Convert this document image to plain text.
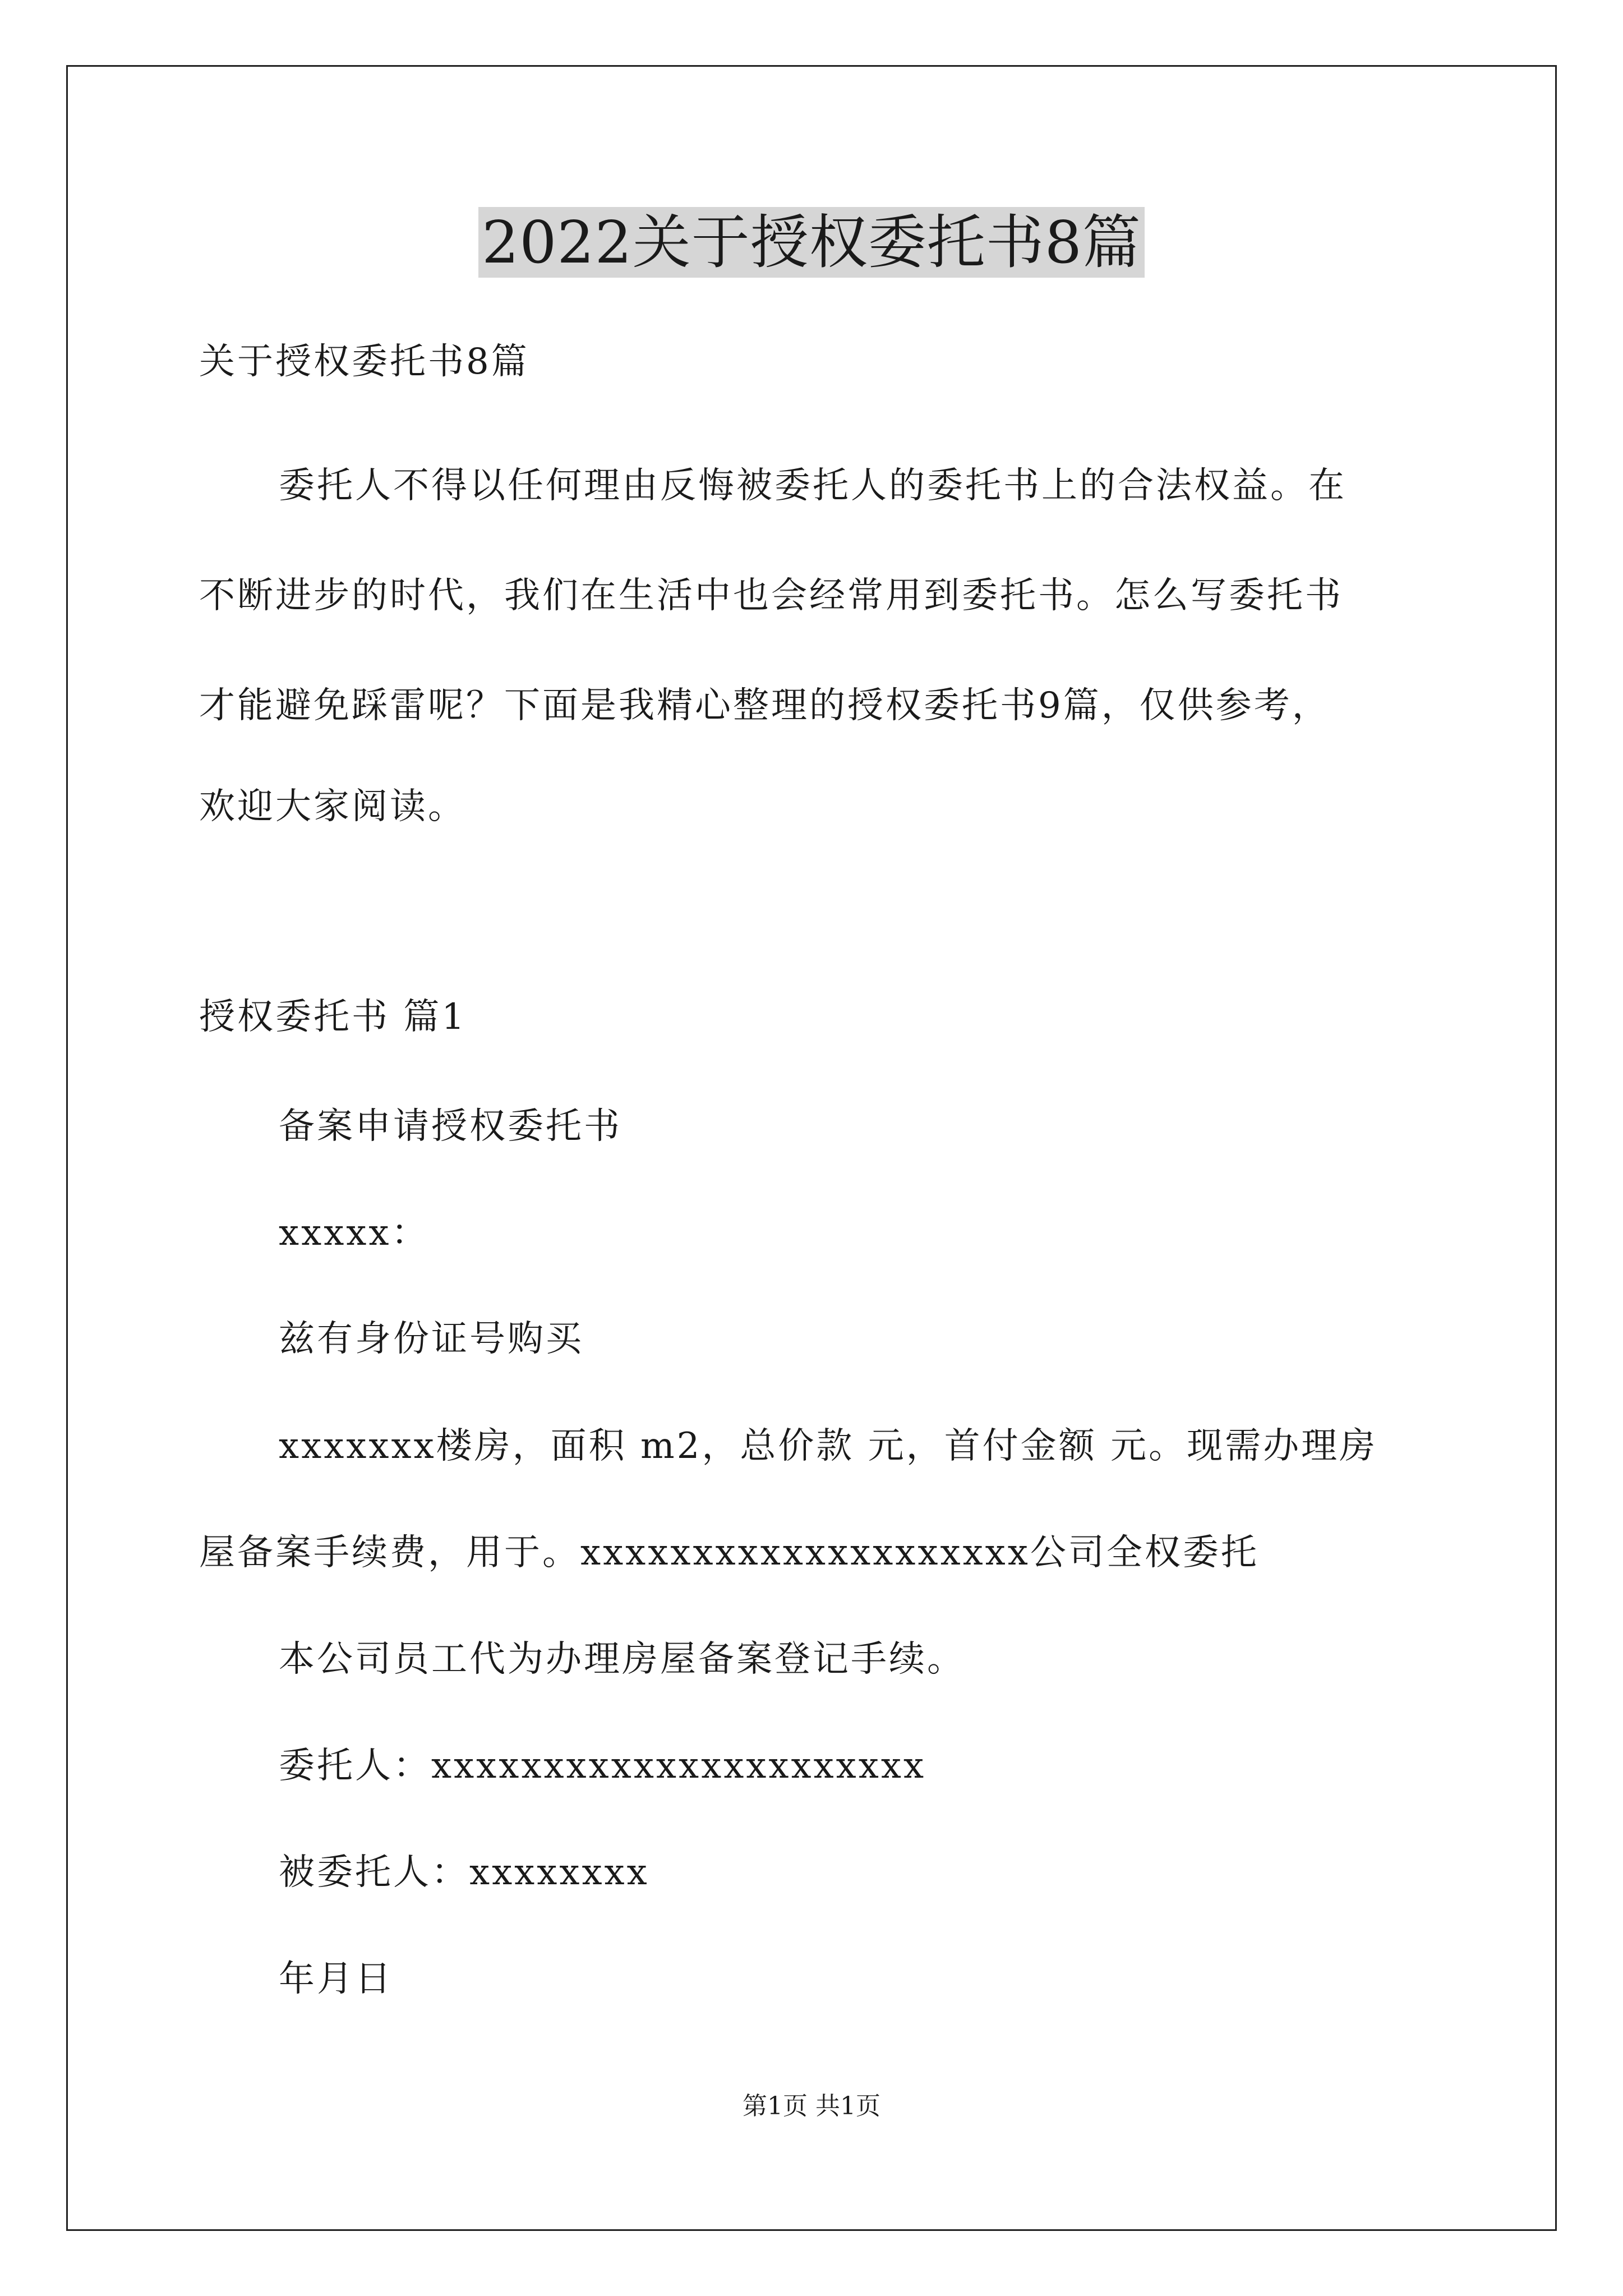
2022关于授权委托书8篇
关于授权委托书8篇
委托人不得以任何理由反悔被委托人的委托书上的合法权益。在
不断进步的时代，我们在生活中也会经常用到委托书。怎么写委托书
才能避免踩雷呢？下面是我精心整理的授权委托书9篇，仅供参考，
欢迎大家阅读。
授权委托书 篇1
备案申请授权委托书
xxxxx：
兹有身份证号购买
xxxxxxx楼房，面积 m2，总价款 元，首付金额 元。现需办理房
屋备案手续费，用于。xxxxxxxxxxxxxxxxxxxx公司全权委托
本公司员工代为办理房屋备案登记手续。
委托人：xxxxxxxxxxxxxxxxxxxxxx
被委托人：xxxxxxxx
年月日
第1页 共1页
